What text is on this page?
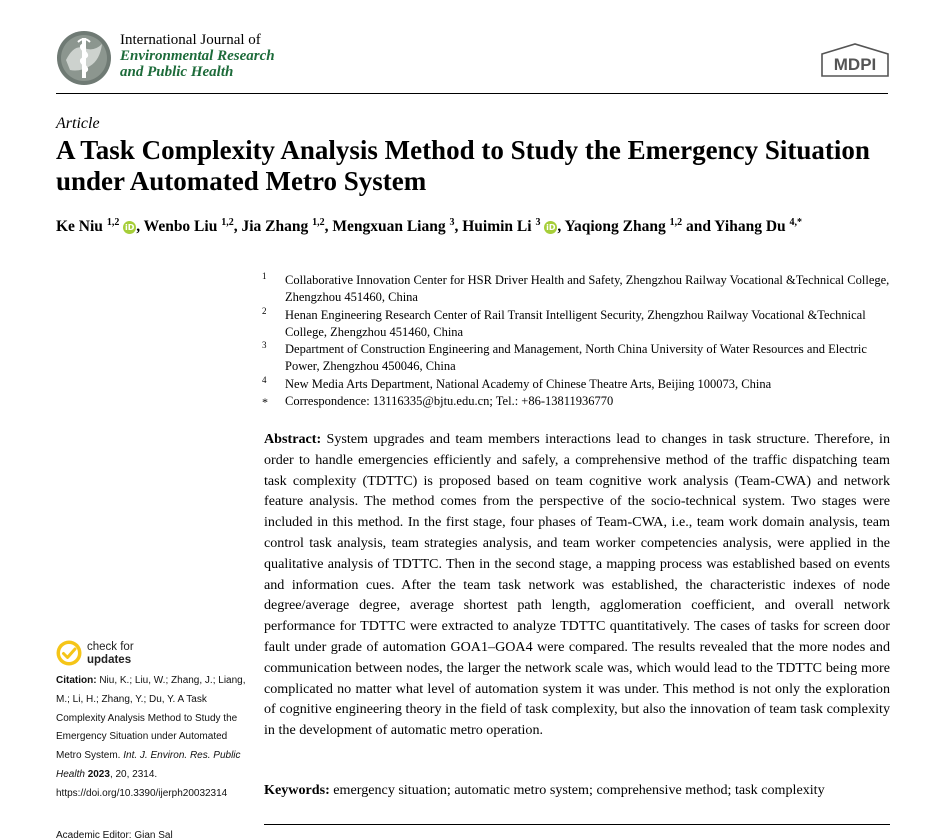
International Journal of
Environmental Research
and Public Health	MDPI
Article
A Task Complexity Analysis Method to Study the Emergency Situation under Automated Metro System
Ke Niu $^{1,2}$ iD , Wenbo Liu $^{1,2}$, Jia Zhang $^{1,2}$, Mengxuan Liang $^3$, Huimin Li $^3$ iD , Yaqiong Zhang $^{1,2}$ and Yihang Du $^{4,*}$
1 Collaborative Innovation Center for HSR Driver Health and Safety, Zhengzhou Railway Vocational &Technical College, Zhengzhou 451460, China
2 Henan Engineering Research Center of Rail Transit Intelligent Security, Zhengzhou Railway Vocational &Technical College, Zhengzhou 451460, China
3 Department of Construction Engineering and Management, North China University of Water Resources and Electric Power, Zhengzhou 450046, China
4 New Media Arts Department, National Academy of Chinese Theatre Arts, Beijing 100073, China
* Correspondence: 13116335@bjtu.edu.cn; Tel.: +86-13811936770
Abstract: System upgrades and team members interactions lead to changes in task structure. Therefore, in order to handle emergencies efficiently and safely, a comprehensive method of the traffic dispatching team task complexity (TDTTC) is proposed based on team cognitive work analysis (Team-CWA) and network feature analysis. The method comes from the perspective of the socio-technical system. Two stages were included in this method. In the first stage, four phases of Team-CWA, i.e., team work domain analysis, team control task analysis, team strategies analysis, and team worker competencies analysis, were applied in the qualitative analysis of TDTTC. Then in the second stage, a mapping process was established based on events and information cues. After the team task network was established, the characteristic indexes of node degree/average degree, average shortest path length, agglomeration coefficient, and overall network performance for TDTTC were extracted to analyze TDTTC quantitatively. The cases of tasks for screen door fault under grade of automation GOA1–GOA4 were compared. The results revealed that the more nodes and communication between nodes, the larger the network scale was, which would lead to the TDTTC being more complicated no matter what level of automation system it was under. This method is not only the exploration of cognitive engineering theory in the field of task complexity, but also the innovation of team task complexity in the development of automatic metro operation.
Keywords: emergency situation; automatic metro system; comprehensive method; task complexity
check for
updates
Citation: Niu, K.; Liu, W.; Zhang, J.; Liang, M.; Li, H.; Zhang, Y.; Du, Y. A Task Complexity Analysis Method to Study the Emergency Situation under Automated Metro System. Int. J. Environ. Res. Public Health 2023, 20, 2314. https://doi.org/10.3390/ijerph20032314
Academic Editor: Gian Sal
